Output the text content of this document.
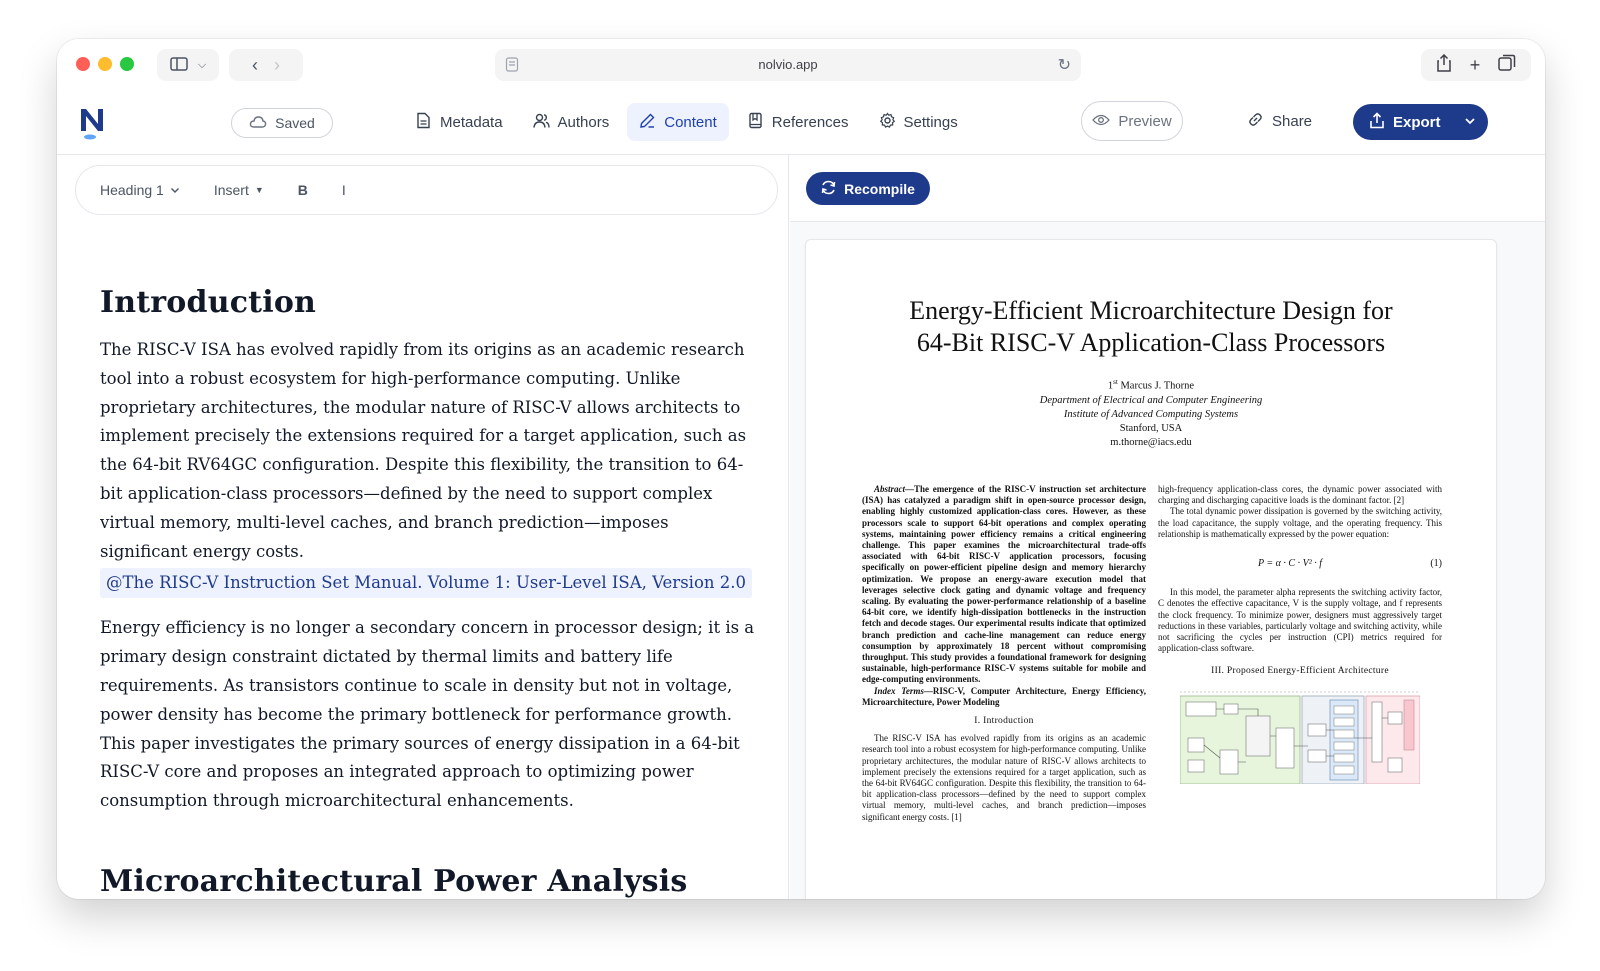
⌵	‹ ›	nolvio.app	↻	+
Saved	Metadata	Authors	Content	References	Settings	Preview	Share	Export
Heading 1	Insert ▼ B I
Introduction

The RISC-V ISA has evolved rapidly from its origins as an academic research tool into a robust ecosystem for high-performance computing. Unlike proprietary architectures, the modular nature of RISC-V allows architects to implement precisely the extensions required for a target application, such as the 64-bit RV64GC configuration. Despite this flexibility, the transition to 64-bit application-class processors—defined by the need to support complex virtual memory, multi-level caches, and branch prediction—imposes significant energy costs.

@The RISC-V Instruction Set Manual. Volume 1: User-Level ISA, Version 2.0

Energy efficiency is no longer a secondary concern in processor design; it is a primary design constraint dictated by thermal limits and battery life requirements. As transistors continue to scale in density but not in voltage, power density has become the primary bottleneck for performance growth. This paper investigates the primary sources of energy dissipation in a 64-bit RISC-V core and proposes an integrated approach to optimizing power consumption through microarchitectural enhancements.

Microarchitectural Power Analysis
Recompile
Energy-Efficient Microarchitecture Design for
64-Bit RISC-V Application-Class Processors
1st Marcus J. Thorne
Department of Electrical and Computer Engineering
Institute of Advanced Computing Systems
Stanford, USA
m.thorne@iacs.edu
Abstract—The emergence of the RISC-V instruction set architecture (ISA) has catalyzed a paradigm shift in open-source processor design, enabling highly customized application-class cores. However, as these processors scale to support 64-bit operations and complex operating systems, maintaining power efficiency remains a critical engineering challenge. This paper examines the microarchitectural trade-offs associated with 64-bit RISC-V application processors, focusing specifically on power-efficient pipeline design and memory hierarchy optimization. We propose an energy-aware execution model that leverages selective clock gating and dynamic voltage and frequency scaling. By evaluating the power-performance relationship of a baseline 64-bit core, we identify high-dissipation bottlenecks in the instruction fetch and decode stages. Our experimental results indicate that optimized branch prediction and cache-line management can reduce energy consumption by approximately 18 percent without compromising throughput. This study provides a foundational framework for designing sustainable, high-performance RISC-V systems suitable for mobile and edge-computing environments.
Index Terms—RISC-V, Computer Architecture, Energy Efficiency, Microarchitecture, Power Modeling
I. Introduction
The RISC-V ISA has evolved rapidly from its origins as an academic research tool into a robust ecosystem for high-performance computing. Unlike proprietary architectures, the modular nature of RISC-V allows architects to implement precisely the extensions required for a target application, such as the 64-bit RV64GC configuration. Despite this flexibility, the transition to 64-bit application-class processors—defined by the need to support complex virtual memory, multi-level caches, and branch prediction—imposes significant energy costs. [1]
high-frequency application-class cores, the dynamic power associated with charging and discharging capacitive loads is the dominant factor. [2]
The total dynamic power dissipation is governed by the switching activity, the load capacitance, the supply voltage, and the operating frequency. This relationship is mathematically expressed by the power equation:
P = α · C · V² · f	(1)
In this model, the parameter alpha represents the switching activity factor, C denotes the effective capacitance, V is the supply voltage, and f represents the clock frequency. To minimize power, designers must aggressively target reductions in these variables, particularly voltage and switching activity, while not sacrificing the cycles per instruction (CPI) metrics required for application-class software.
III. Proposed Energy-Efficient Architecture
